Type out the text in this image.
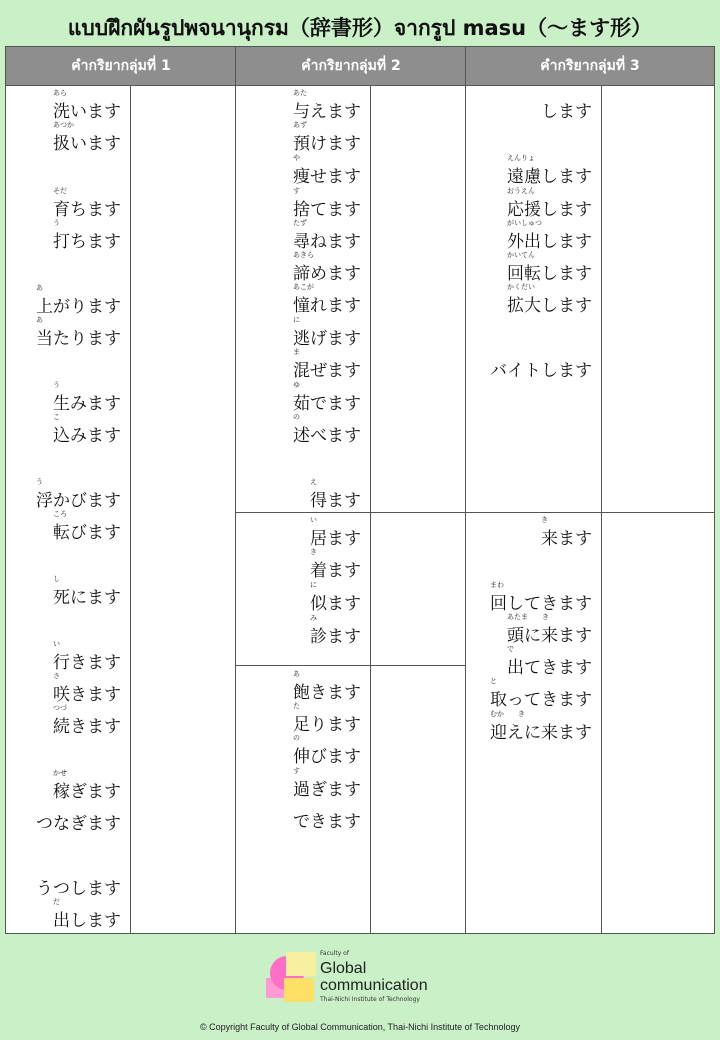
แบบฝึกผันรูปพจนานุกรม（辞書形）จากรูป masu（〜ます形）
คำกริยากลุ่มที่ 1	คำกริยากลุ่มที่ 2	คำกริยากลุ่มที่ 3
洗います
あら
扱います
あつか
育ちます
そだ
打ちます
う
上がります
あ
当たります
あ
生みます
う
込みます
こ
浮かびます
う
転びます
ころ
死にます
し
行きます
い
咲きます
さ
続きます
つづ
稼ぎます
かせ
つなぎます
うつします
出します
だ
与えます
あた
預けます
あず
痩せます
や
捨てます
す
尋ねます
たず
諦めます
あきら
憧れます
あこが
逃げます
に
混ぜます
ま
茹でます
ゆ
述べます
の
得ます
え
居ます
い
着ます
き
似ます
に
診ます
み
飽きます
あ
足ります
た
伸びます
の
過ぎます
す
できます
します
遠慮します
えんりょ
応援します
おうえん
外出します
がいしゅつ
回転します
かいてん
拡大します
かくだい
バイトします
来ます
き
回してきます
まわ
頭に来ます
あたま　　き
出てきます
で
取ってきます
と
迎えに来ます
むか　　き
Faculty of
Global
communication
Thai-Nichi Institute of Technology
© Copyright Faculty of Global Communication, Thai-Nichi Institute of Technology
